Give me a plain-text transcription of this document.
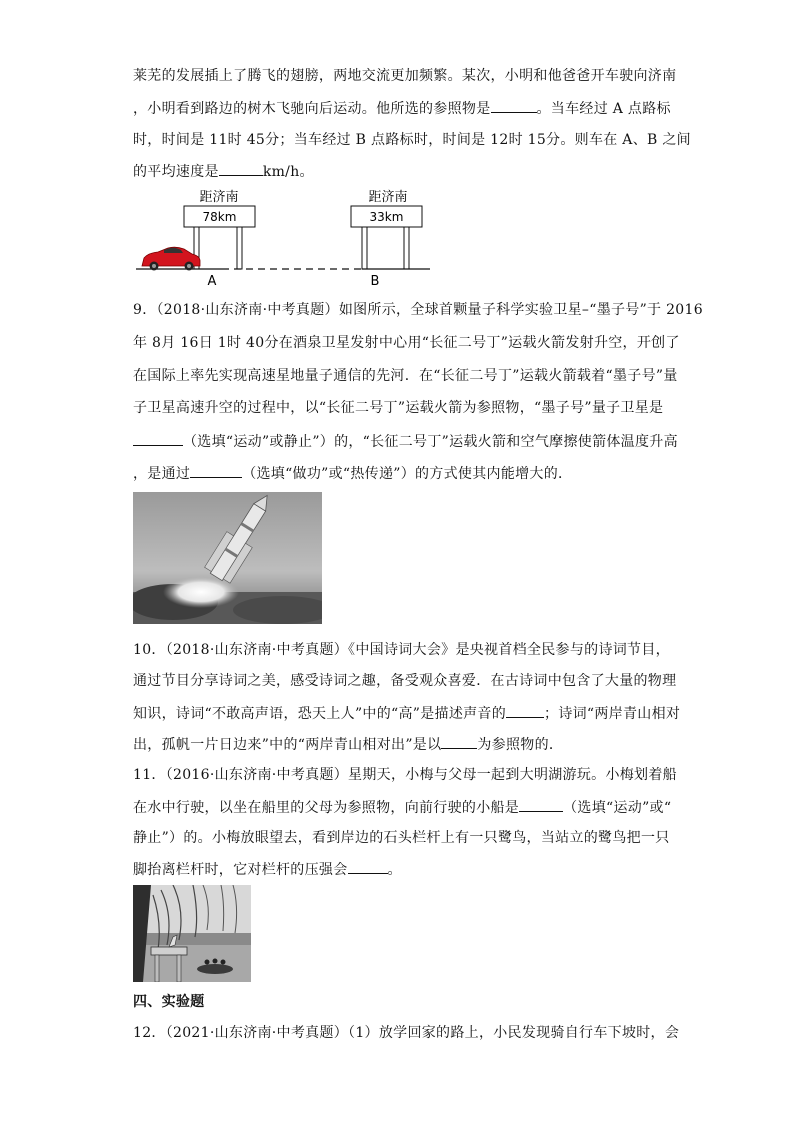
莱芜的发展插上了腾飞的翅膀，两地交流更加频繁。某次，小明和他爸爸开车驶向济南
，小明看到路边的树木飞驰向后运动。他所选的参照物是	。当车经过 A 点路标
时，时间是 11时 45分；当车经过 B 点路标时，时间是 12时 15分。则车在 A、B 之间
的平均速度是	km/h。
距济南
78km
距济南
33km
A	B
9．（2018·山东济南·中考真题）如图所示，全球首颗量子科学实验卫星–“墨子号”于 2016
年 8月 16日 1时 40分在酒泉卫星发射中心用“长征二号丁”运载火箭发射升空，开创了
在国际上率先实现高速星地量子通信的先河．在“长征二号丁”运载火箭载着“墨子号”量
子卫星高速升空的过程中，以“长征二号丁”运载火箭为参照物，“墨子号”量子卫星是
（选填“运动”或静止”）的，“长征二号丁”运载火箭和空气摩擦使箭体温度升高
，是通过	（选填“做功”或“热传递”）的方式使其内能增大的．
10．（2018·山东济南·中考真题）《中国诗词大会》是央视首档全民参与的诗词节目，
通过节目分享诗词之美，感受诗词之趣，备受观众喜爱．在古诗词中包含了大量的物理
知识，诗词“不敢高声语，恐天上人”中的“高”是描述声音的	；诗词“两岸青山相对
出，孤帆一片日边来”中的“两岸青山相对出”是以	为参照物的．
11．（2016·山东济南·中考真题）星期天，小梅与父母一起到大明湖游玩。小梅划着船
在水中行驶，以坐在船里的父母为参照物，向前行驶的小船是	（选填“运动”或“
静止”）的。小梅放眼望去，看到岸边的石头栏杆上有一只鹭鸟，当站立的鹭鸟把一只
脚抬离栏杆时，它对栏杆的压强会	。
四、实验题
12．（2021·山东济南·中考真题）（1）放学回家的路上，小民发现骑自行车下坡时，会
